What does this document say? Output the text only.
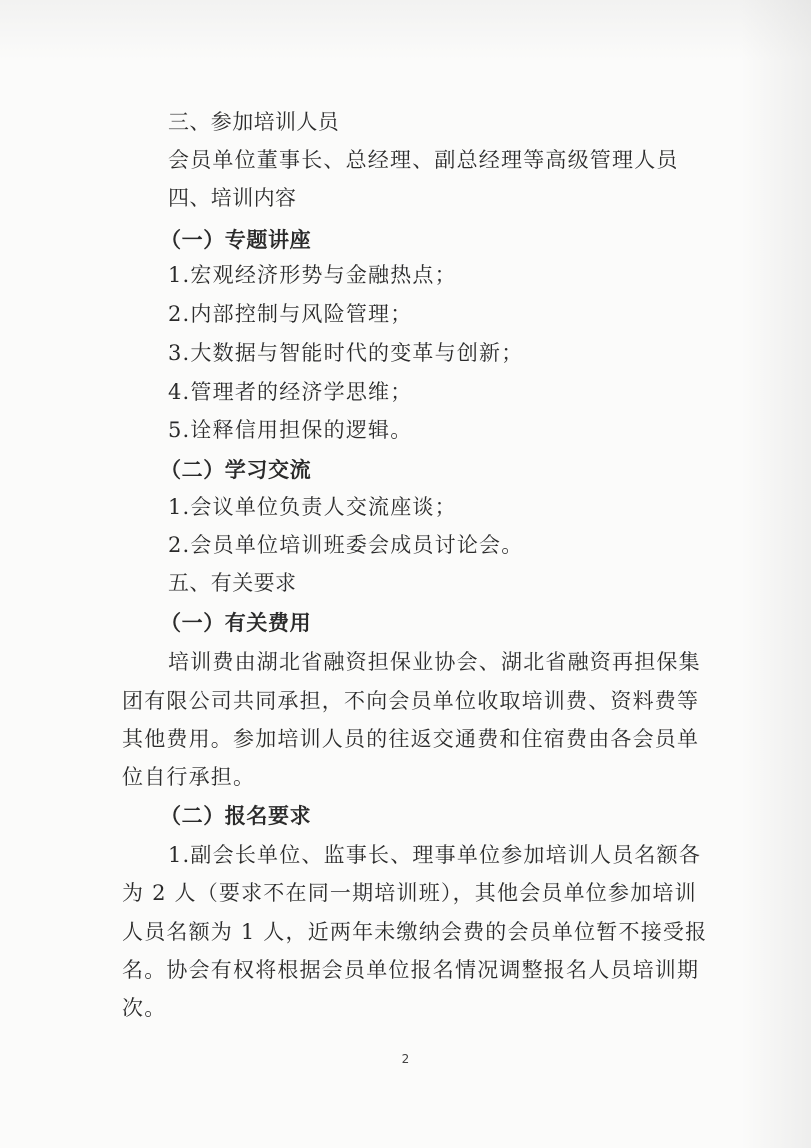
三、参加培训人员
会员单位董事长、总经理、副总经理等高级管理人员
四、培训内容
（一）专题讲座
1.宏观经济形势与金融热点；
2.内部控制与风险管理；
3.大数据与智能时代的变革与创新；
4.管理者的经济学思维；
5.诠释信用担保的逻辑。
（二）学习交流
1.会议单位负责人交流座谈；
2.会员单位培训班委会成员讨论会。
五、有关要求
（一）有关费用
培训费由湖北省融资担保业协会、湖北省融资再担保集
团有限公司共同承担，不向会员单位收取培训费、资料费等
其他费用。参加培训人员的往返交通费和住宿费由各会员单
位自行承担。
（二）报名要求
1.副会长单位、监事长、理事单位参加培训人员名额各
为 2 人（要求不在同一期培训班），其他会员单位参加培训
人员名额为 1 人，近两年未缴纳会费的会员单位暂不接受报
名。协会有权将根据会员单位报名情况调整报名人员培训期
次。
2
